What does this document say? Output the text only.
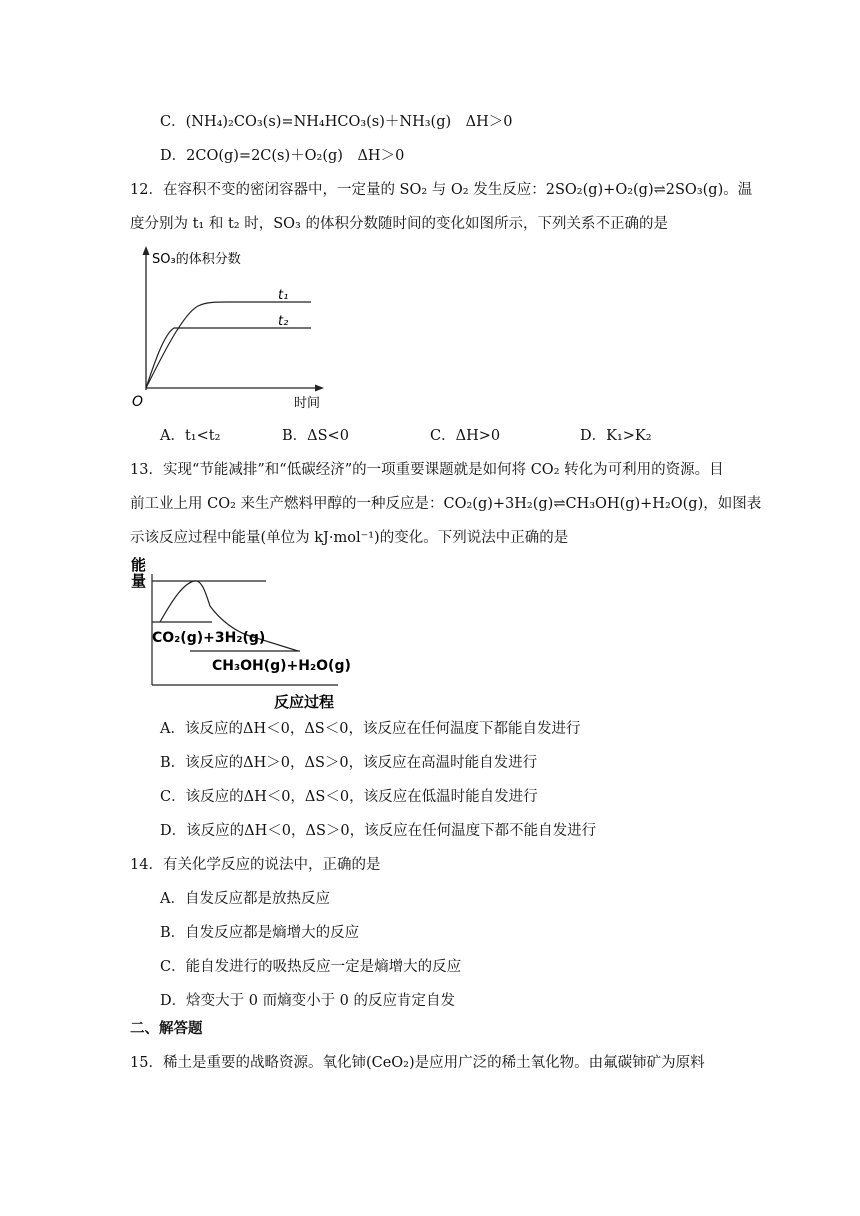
C．(NH₄)₂CO₃(s)=NH₄HCO₃(s)＋NH₃(g)　ΔH＞0
D．2CO(g)=2C(s)＋O₂(g)　ΔH＞0
12．在容积不变的密闭容器中，一定量的 SO₂ 与 O₂ 发生反应：2SO₂(g)+O₂(g)⇌2SO₃(g)。温
度分别为 t₁ 和 t₂ 时，SO₃ 的体积分数随时间的变化如图所示，下列关系不正确的是
SO₃的体积分数
t₁
t₂
O	时间
A．t₁<t₂	B．ΔS<0	C．ΔH>0	D．K₁>K₂
13．实现“节能减排”和“低碳经济”的一项重要课题就是如何将 CO₂ 转化为可利用的资源。目
前工业上用 CO₂ 来生产燃料甲醇的一种反应是：CO₂(g)+3H₂(g)⇌CH₃OH(g)+H₂O(g)，如图表
示该反应过程中能量(单位为 kJ·mol⁻¹)的变化。下列说法中正确的是
能
量
CO₂(g)+3H₂(g)
CH₃OH(g)+H₂O(g)
反应过程
A．该反应的ΔH＜0，ΔS＜0，该反应在任何温度下都能自发进行
B．该反应的ΔH＞0，ΔS＞0，该反应在高温时能自发进行
C．该反应的ΔH＜0，ΔS＜0，该反应在低温时能自发进行
D．该反应的ΔH＜0，ΔS＞0，该反应在任何温度下都不能自发进行
14．有关化学反应的说法中，正确的是
A．自发反应都是放热反应
B．自发反应都是熵增大的反应
C．能自发进行的吸热反应一定是熵增大的反应
D．焓变大于 0 而熵变小于 0 的反应肯定自发
二、解答题
15．稀土是重要的战略资源。氧化铈(CeO₂)是应用广泛的稀土氧化物。由氟碳铈矿为原料
